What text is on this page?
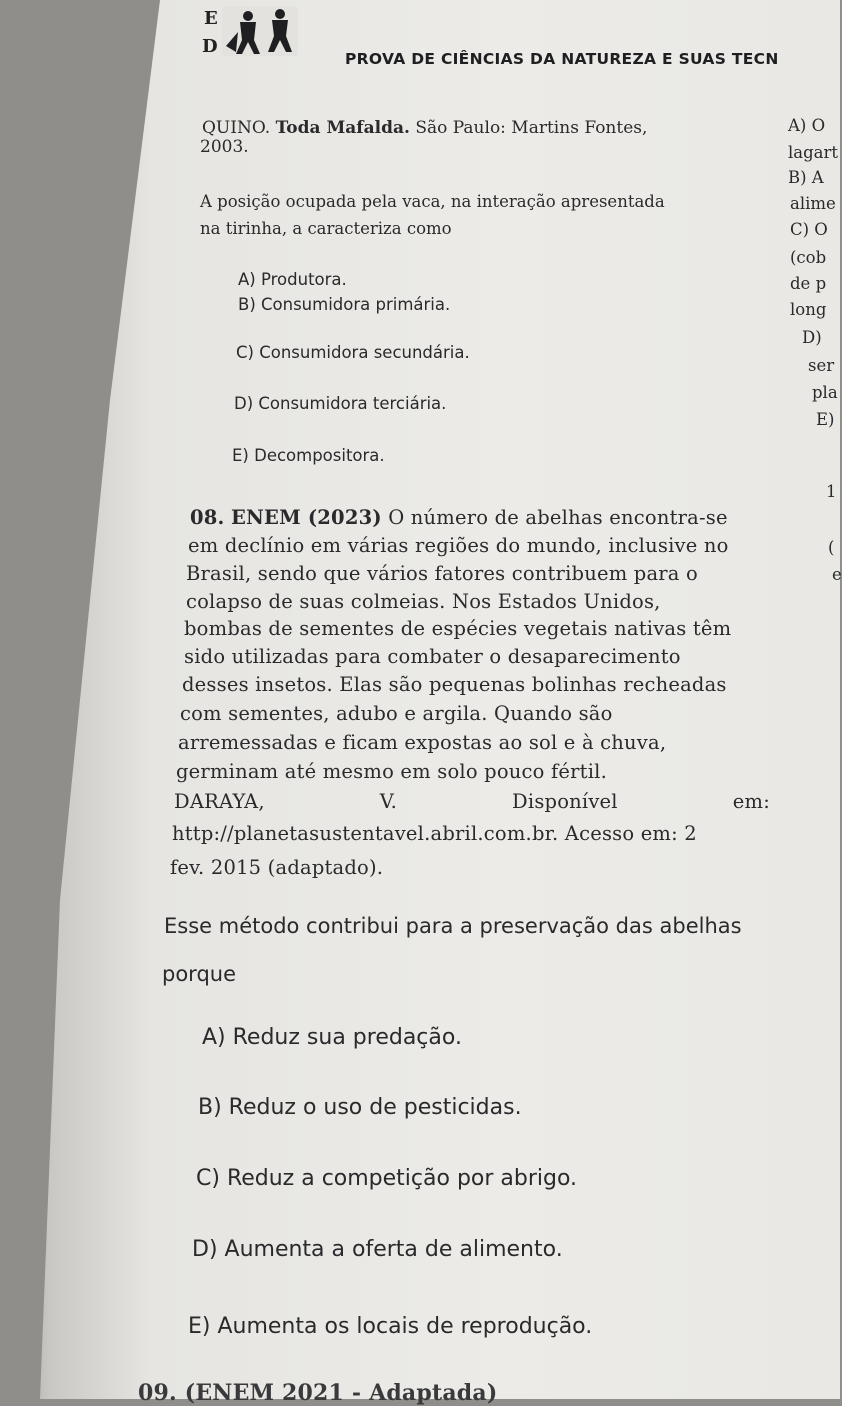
E
D
PROVA DE CIÊNCIAS DA NATUREZA E SUAS TECN
QUINO. Toda Mafalda. São Paulo: Martins Fontes,
2003.
A posição ocupada pela vaca, na interação apresentada
na tirinha, a caracteriza como
A) Produtora.
B) Consumidora primária.
C) Consumidora secundária.
D) Consumidora terciária.
E) Decompositora.
A) O
lagart
B) A
alime
C) O
(cob
de p
long
D)
ser
pla
E)
1
(
e
08. ENEM (2023) O número de abelhas encontra-se
em declínio em várias regiões do mundo, inclusive no
Brasil, sendo que vários fatores contribuem para o
colapso de suas colmeias. Nos Estados Unidos,
bombas de sementes de espécies vegetais nativas têm
sido utilizadas para combater o desaparecimento
desses insetos. Elas são pequenas bolinhas recheadas
com sementes, adubo e argila. Quando são
arremessadas e ficam expostas ao sol e à chuva,
germinam até mesmo em solo pouco fértil.
DARAYA,	V.	Disponível	em:
http://planetasustentavel.abril.com.br. Acesso em: 2
fev. 2015 (adaptado).
Esse método contribui para a preservação das abelhas
porque
A) Reduz sua predação.
B) Reduz o uso de pesticidas.
C) Reduz a competição por abrigo.
D) Aumenta a oferta de alimento.
E) Aumenta os locais de reprodução.
09. (ENEM 2021 - Adaptada)
